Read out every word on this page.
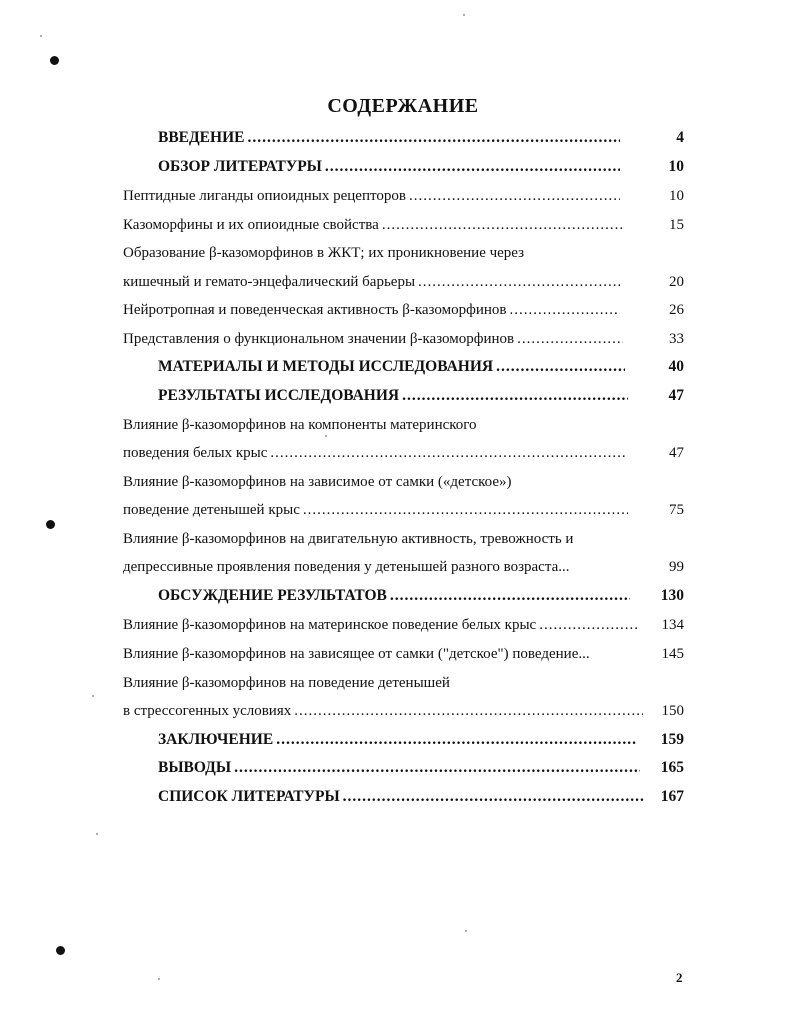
СОДЕРЖАНИЕ
ВВЕДЕНИЕ .....	4
ОБЗОР ЛИТЕРАТУРЫ .....	10
Пептидные лиганды опиоидных рецепторов .....	10
Казоморфины и их опиоидные свойства .....	15
Образование β-казоморфинов в ЖКТ; их проникновение через
кишечный и гемато-энцефалический барьеры .....	20
Нейротропная и поведенческая активность β-казоморфинов .....	26
Представления о функциональном значении β-казоморфинов .....	33
МАТЕРИАЛЫ И МЕТОДЫ ИССЛЕДОВАНИЯ .....	40
РЕЗУЛЬТАТЫ ИССЛЕДОВАНИЯ .....	47
Влияние β-казоморфинов на компоненты материнского
поведения белых крыс .....	47
Влияние β-казоморфинов на зависимое от самки («детское»)
поведение детенышей крыс .....	75
Влияние β-казоморфинов на двигательную активность, тревожность и
депрессивные проявления поведения у детенышей разного возраста...	99
ОБСУЖДЕНИЕ РЕЗУЛЬТАТОВ .....	130
Влияние β-казоморфинов на материнское поведение белых крыс .....	134
Влияние β-казоморфинов на зависящее от самки ("детское") поведение...	145
Влияние β-казоморфинов на поведение детенышей
в стрессогенных условиях .....	150
ЗАКЛЮЧЕНИЕ .....	159
ВЫВОДЫ .....	165
СПИСОК ЛИТЕРАТУРЫ .....	167
2
